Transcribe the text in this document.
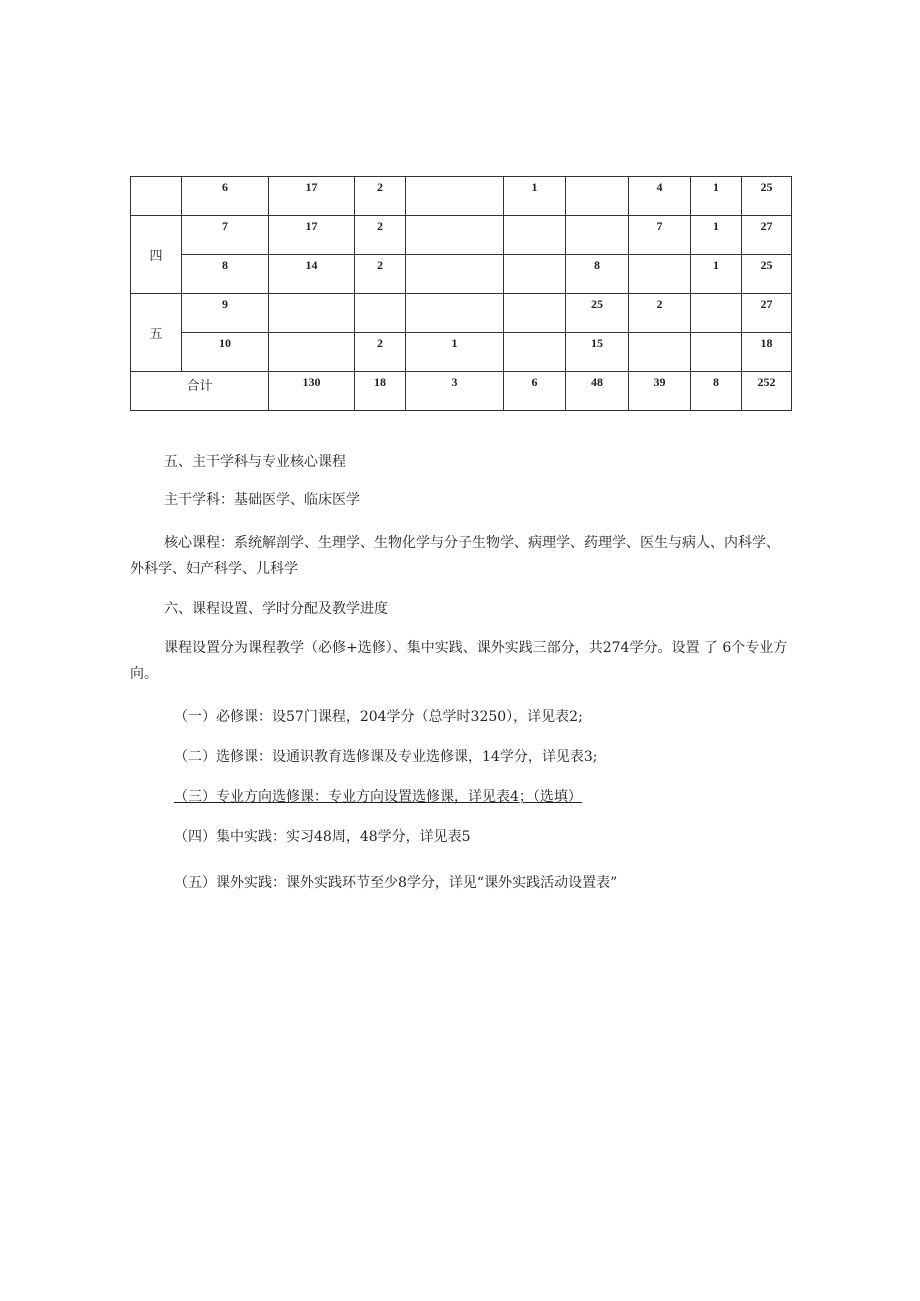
	6	17	2		1		4	1	25
四	7	17	2				7	1	27
	8	14	2			8		1	25
五	9					25	2		27
	10		2	1		15			18
合计		130	18	3	6	48	39	8	252

五、主干学科与专业核心课程

主干学科：基础医学、临床医学

核心课程：系统解剖学、生理学、生物化学与分子生物学、病理学、药理学、医生与病人、内科学、外科学、妇产科学、儿科学

六、课程设置、学时分配及教学进度

课程设置分为课程教学（必修+选修）、集中实践、课外实践三部分，共274学分。设置 了 6个专业方向。

（一）必修课：设57门课程，204学分（总学时3250），详见表2;

（二）选修课：设通识教育选修课及专业选修课，14学分，详见表3;

（三）专业方向选修课：专业方向设置选修课，详见表4；（选填）

（四）集中实践：实习48周，48学分，详见表5

（五）课外实践：课外实践环节至少8学分，详见“课外实践活动设置表”
